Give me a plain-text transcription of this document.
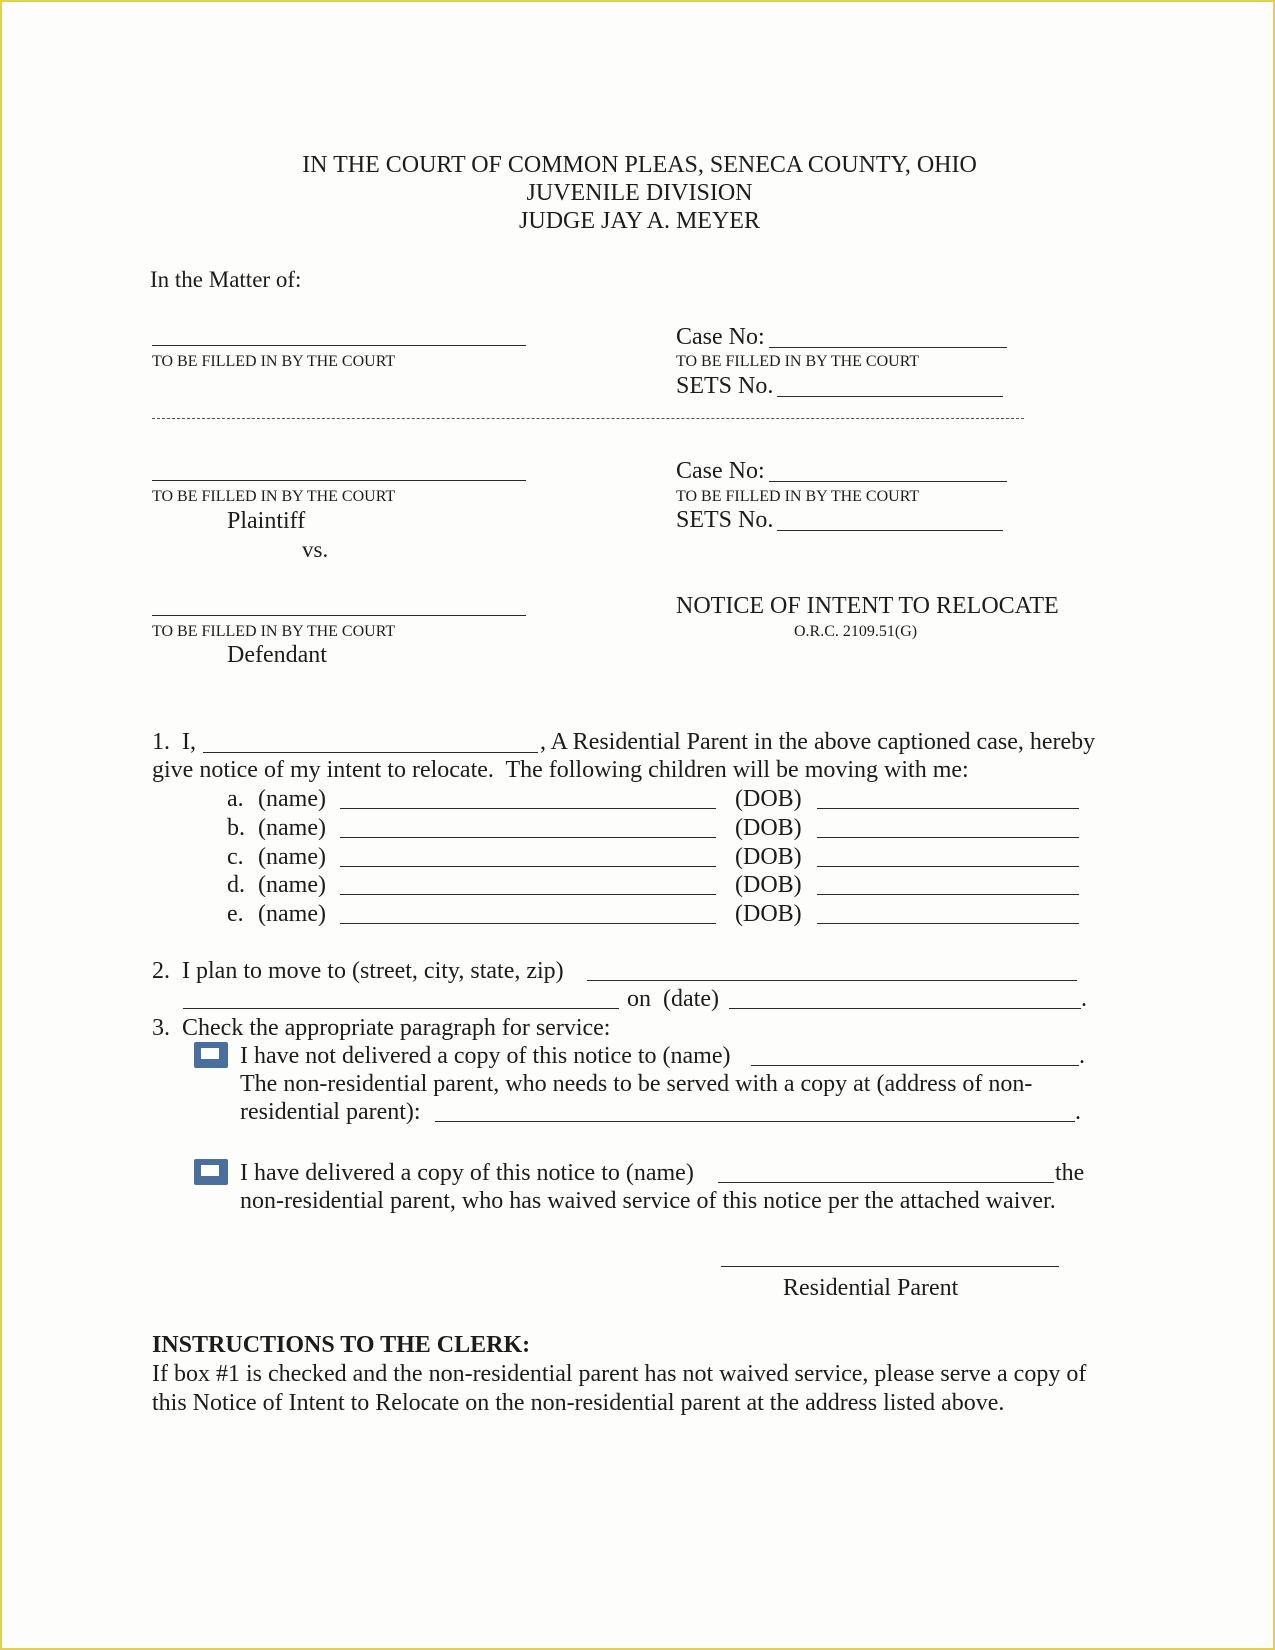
IN THE COURT OF COMMON PLEAS, SENECA COUNTY, OHIO
JUVENILE DIVISION
JUDGE JAY A. MEYER
In the Matter of:
TO BE FILLED IN BY THE COURT
Case No:
TO BE FILLED IN BY THE COURT
SETS No.
TO BE FILLED IN BY THE COURT
Plaintiff
vs.
Case No:
TO BE FILLED IN BY THE COURT
SETS No.
TO BE FILLED IN BY THE COURT
Defendant
NOTICE OF INTENT TO RELOCATE
O.R.C. 2109.51(G)
1.  I,	, A Residential Parent in the above captioned case, hereby
give notice of my intent to relocate.  The following children will be moving with me:
a. (name)	(DOB)
b. (name)	(DOB)
c. (name)	(DOB)
d. (name)	(DOB)
e. (name)	(DOB)
2.  I plan to move to (street, city, state, zip)
on  (date)	.
3.  Check the appropriate paragraph for service:
I have not delivered a copy of this notice to (name)	.
The non-residential parent, who needs to be served with a copy at (address of non-
residential parent):	.
I have delivered a copy of this notice to (name)	the
non-residential parent, who has waived service of this notice per the attached waiver.
Residential Parent
INSTRUCTIONS TO THE CLERK:
If box #1 is checked and the non-residential parent has not waived service, please serve a copy of
this Notice of Intent to Relocate on the non-residential parent at the address listed above.
